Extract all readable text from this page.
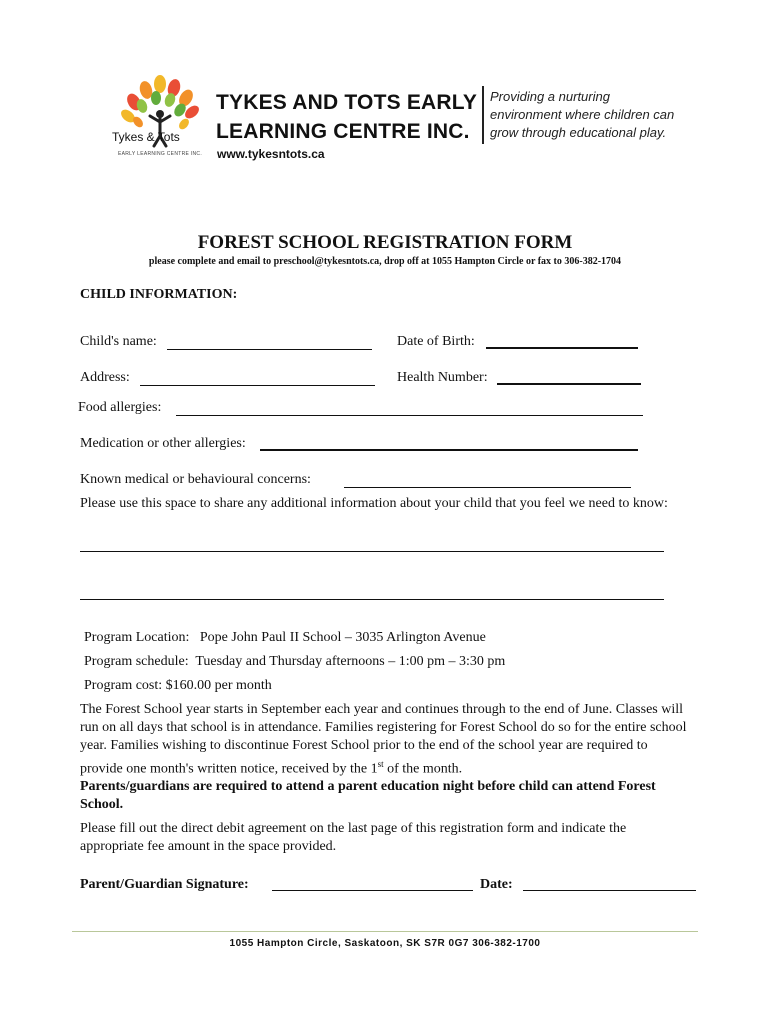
Tykes & Tots
EARLY LEARNING CENTRE INC.
TYKES AND TOTS EARLY
LEARNING CENTRE INC.
Providing a nurturing
environment where children can
grow through educational play.
www.tykesntots.ca
FOREST SCHOOL REGISTRATION FORM
please complete and email to preschool@tykesntots.ca, drop off at 1055 Hampton Circle or fax to 306-382-1704
CHILD INFORMATION:
Child's name:	Date of Birth:
Address:	Health Number:
Food allergies:
Medication or other allergies:
Known medical or behavioural concerns:
Please use this space to share any additional information about your child that you feel we need to know:
Program Location:   Pope John Paul II School – 3035 Arlington Avenue
Program schedule:  Tuesday and Thursday afternoons – 1:00 pm – 3:30 pm
Program cost: $160.00 per month
The Forest School year starts in September each year and continues through to the end of June. Classes will run on all days that school is in attendance. Families registering for Forest School do so for the entire school year. Families wishing to discontinue Forest School prior to the end of the school year are required to provide one month's written notice, received by the 1st of the month.
Parents/guardians are required to attend a parent education night before child can attend Forest School.
Please fill out the direct debit agreement on the last page of this registration form and indicate the appropriate fee amount in the space provided.
Parent/Guardian Signature:	Date:
1055 Hampton Circle, Saskatoon, SK S7R 0G7 306-382-1700
